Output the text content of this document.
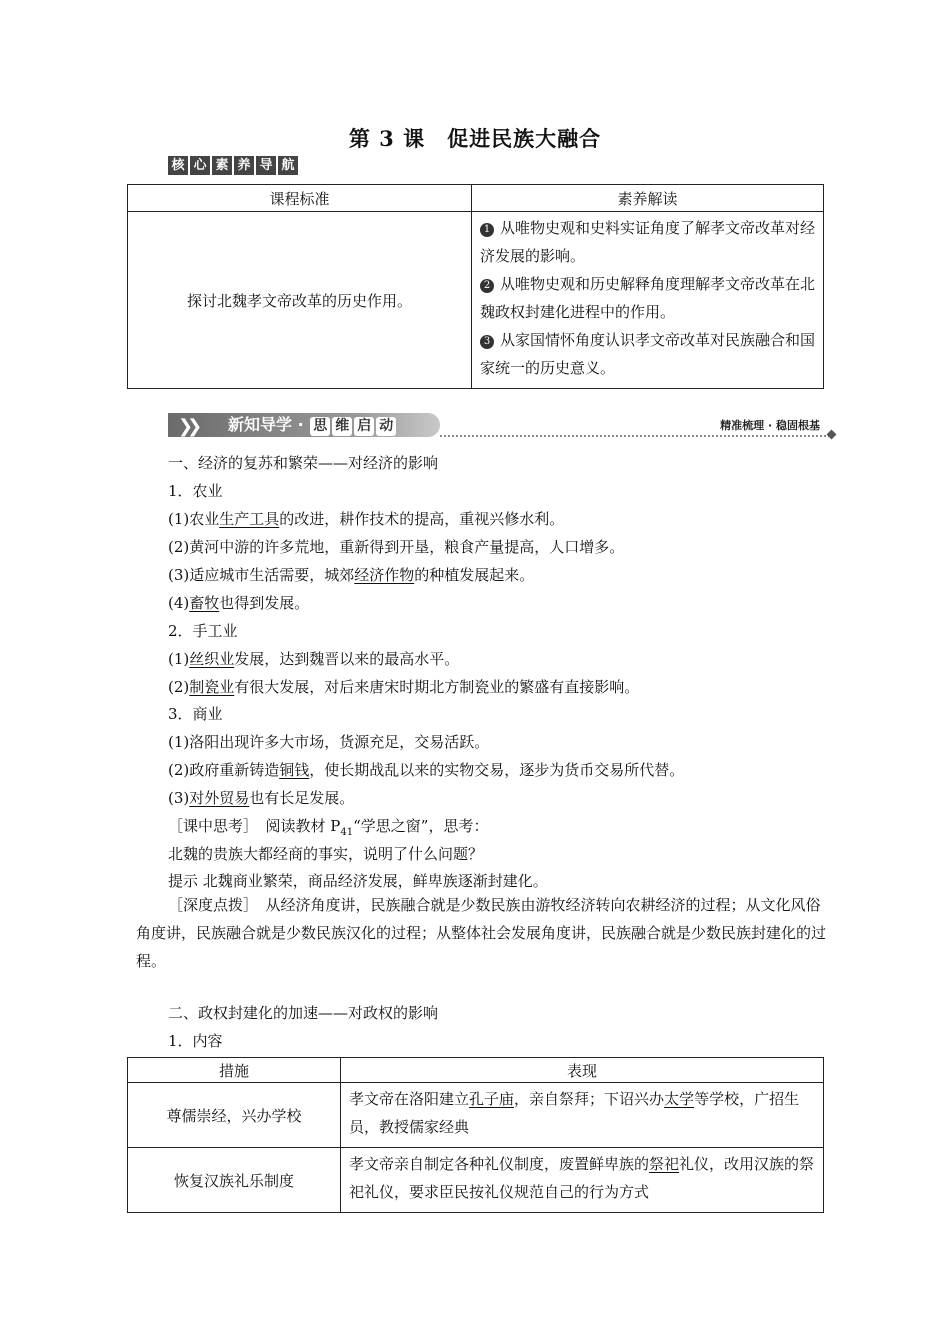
第 3 课　促进民族大融合
核 心 素 养 导 航
课程标准	素养解读
探讨北魏孝文帝改革的历史作用。	1 从唯物史观和史料实证角度了解孝文帝改革对经济发展的影响。
2 从唯物史观和历史解释角度理解孝文帝改革在北魏政权封建化进程中的作用。
3 从家国情怀角度认识孝文帝改革对民族融合和国家统一的历史意义。
❯❯ 新知导学 · 思 维 启 动	精准梳理 · 稳固根基
一、经济的复苏和繁荣——对经济的影响
1．农业
(1)农业生产工具的改进，耕作技术的提高，重视兴修水利。
(2)黄河中游的许多荒地，重新得到开垦，粮食产量提高，人口增多。
(3)适应城市生活需要，城郊经济作物的种植发展起来。
(4)畜牧也得到发展。
2．手工业
(1)丝织业发展，达到魏晋以来的最高水平。
(2)制瓷业有很大发展，对后来唐宋时期北方制瓷业的繁盛有直接影响。
3．商业
(1)洛阳出现许多大市场，货源充足，交易活跃。
(2)政府重新铸造铜钱，使长期战乱以来的实物交易，逐步为货币交易所代替。
(3)对外贸易也有长足发展。
［课中思考］　阅读教材 $P_{41}“$学思之窗”，思考：
北魏的贵族大都经商的事实，说明了什么问题？
提示 北魏商业繁荣，商品经济发展，鲜卑族逐渐封建化。
［深度点拨］　从经济角度讲，民族融合就是少数民族由游牧经济转向农耕经济的过程；从文化风俗角度讲，民族融合就是少数民族汉化的过程；从整体社会发展角度讲，民族融合就是少数民族封建化的过程。
二、政权封建化的加速——对政权的影响
1．内容
措施	表现
尊儒崇经，兴办学校	孝文帝在洛阳建立孔子庙，亲自祭拜；下诏兴办太学等学校，广招生员，教授儒家经典
恢复汉族礼乐制度	孝文帝亲自制定各种礼仪制度，废置鲜卑族的祭祀礼仪，改用汉族的祭祀礼仪，要求臣民按礼仪规范自己的行为方式
